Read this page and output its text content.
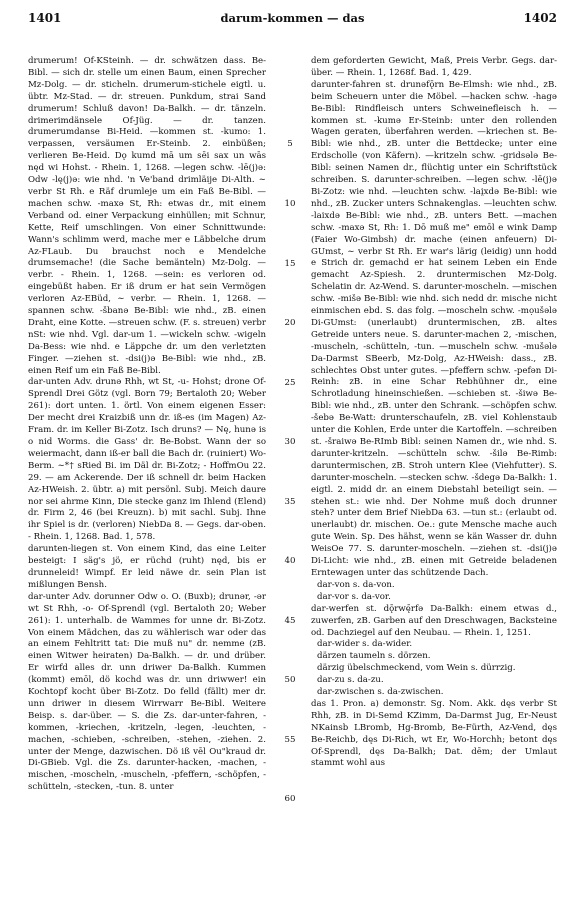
1401	darum-kommen — das	1402

drumerum! Of-KSteinh. — dr. schwätzen dass. Be-Bibl. — sich dr. stelle um einen Baum, einen Sprecher Mz-Dolg. — dr. sticheln. drumerum-stichele eigtl. u. übtr. Mz-Stad. — dr. streuen. Punkdum, strai Sand drumerum! Schluß davon! Da-Balkh. — dr. tänzeln. drimerimdänsele Of-Jüg. — dr. tanzen. drumerumdanse Bi-Heid. —kommen st. -kumo: 1. verpassen, versäumen Er-Steinb. 2. einbüßen; verlieren Be-Heid. Dǫ kumd mā um sēi sax un wās nęd wi Hohst. - Rhein. 1, 1268. —legen schw. -lē(j)ǝ: Odw -lę(j)ǝ: wie nhd. 'n Ve'band drimläije Di-Alth. ∼ verbr St Rh. e Räf drumleje um ein Faß Be-Bibl. —machen schw. -maxǝ St, Rh: etwas dr., mit einem Verband od. einer Verpackung einhüllen; mit Schnur, Kette, Reif umschlingen. Von einer Schnittwunde: Wann's schlimm werd, mache mer e Läbbelche drum Az-FLaub. Du brauchst noch e Mendelche drumsemache! (die Sache bemänteln) Mz-Dolg. — verbr. - Rhein. 1, 1268. —sein: es verloren od. eingebüßt haben. Er iß drum er hat sein Vermögen verloren Az-EBüd, ∼ verbr. — Rhein. 1, 1268. —spannen schw. -šbanǝ Be-Bibl: wie nhd., zB. einen Draht, eine Kotte. —streuen schw. (F. s. streuen) verbr nSt: wie nhd. Vgl. dar-um 1. —wickeln schw. -wigeln Da-Bess: wie nhd. e Läppche dr. um den verletzten Finger. —ziehen st. -dsi(j)ǝ Be-Bibl: wie nhd., zB. einen Reif um ein Faß Be-Bibl.

dar-unten Adv. drunǝ Rhh, wt St, -u- Hohst; drone Of-Sprendl Drei Götz (vgl. Born 79; Bertaloth 20; Weber 261): dort unten. 1. örtl. Von einem eigenen Esser: Der mecht drei Kraizbiß unn dr. iß-es (im Magen) Az-Fram. dr. im Keller Bi-Zotz. Isch druns? — Nę, hunǝ is o nid Worms. die Gass' dr. Be-Bobst. Wann der so weiermacht, dann iß-er ball die Bach dr. (ruiniert) Wo-Berm. ∼*† sRied Bi. im Däl dr. Bi-Zotz; - HoffmOu 22. 29. — am Ackerende. Der iß schnell dr. beim Hacken Az-HWeish. 2. übtr. a) mit persönl. Subj. Meich daure nor sei ahrme Kinn, Die stecke ganz im Ihlend (Elend) dr. Firm 2, 46 (bei Kreuzn). b) mit sachl. Subj. Ihne ihr Spiel is dr. (verloren) NiebDa 8. — Gegs. dar-oben. - Rhein. 1, 1268. Bad. 1, 578.

darunten-liegen st. Von einem Kind, das eine Leiter besteigt: I säg's jö, er rüchd (ruht) nęd, bis er drunneleid! Wimpf. Er leid näwe dr. sein Plan ist mißlungen Bensh.

dar-unter Adv. dorunner Odw o. O. (Buxb); drunǝr, -ǝr wt St Rhh, -o- Of-Sprendl (vgl. Bertaloth 20; Weber 261): 1. unterhalb. de Wammes for unne dr. Bi-Zotz. Von einem Mädchen, das zu wählerisch war oder das an einem Fehltritt tat: Die muß nu" dr. nemme (zB. einen Witwer heiraten) Da-Balkh. — dr. und drüber. Er wirfd alles dr. unn driwer Da-Balkh. Kummen (kommt) emōl, dö kochd was dr. unn driwwer! ein Kochtopf kocht über Bi-Zotz. Do felld (fällt) mer dr. unn driwer in diesem Wirrwarr Be-Bibl. Weitere Beisp. s. dar-über. — S. die Zs. dar-unter-fahren, -kommen, -kriechen, -kritzeln, -legen, -leuchten, -machen, -schieben, -schreiben, -stehen, -ziehen. 2. unter der Menge, dazwischen. Dö iß vēl Ou"kraud dr. Di-GBieb. Vgl. die Zs. darunter-hacken, -machen, -mischen, -moscheln, -muscheln, -pfeffern, -schöpfen, -schütteln, -stecken, -tun. 8. unter

5
10
15
20
25
30
35
40
45
50
55
60

dem geforderten Gewicht, Maß, Preis Verbr. Gegs. dar-über. — Rhein. 1, 1268f. Bad. 1, 429.

darunter-fahren st. drunǝfǭrn Be-Elmsh: wie nhd., zB. beim Scheuern unter die Möbel. —hacken schw. -hagǝ Be-Bibl: Rindfleisch unters Schweinefleisch h. —kommen st. -kumǝ Er-Steinb: unter den rollenden Wagen geraten, überfahren werden. —kriechen st. Be-Bibl: wie nhd., zB. unter die Bettdecke; unter eine Erdscholle (von Käfern). —kritzeln schw. -gridsǝlǝ Be-Bibl: seinen Namen dr., flüchtig unter ein Schriftstück schreiben. S. darunter-schreiben. —legen schw. -lē(j)ǝ Bi-Zotz: wie nhd. —leuchten schw. -lai̯xdǝ Be-Bibl: wie nhd., zB. Zucker unters Schnakenglas. —leuchten schw. -laixdǝ Be-Bibl: wie nhd., zB. unters Bett. —machen schw. -maxǝ St, Rh: 1. Dō muß me" emōl e wink Damp (Faier Wo-Gimbsh) dr. mache (einen anfeuern) Di-GUmst, ∼ verbr St Rh. Er war's lärig (leidig) unn hodd e Strich dr. gemachd er hat seinem Leben ein Ende gemacht Az-Spiesh. 2. druntermischen Mz-Dolg. Schelatin dr. Az-Wend. S. darunter-moscheln. —mischen schw. -mišǝ Be-Bibl: wie nhd. sich nedd dr. mische nicht einmischen ebd. S. das folg. —moscheln schw. -mọušǝlǝ Di-GUmst: (unerlaubt) druntermischen, zB. altes Getreide unters neue. S. darunter-machen 2, -mischen, -muscheln, -schütteln, -tun. —muscheln schw. -mušǝlǝ Da-Darmst SBeerb, Mz-Dolg, Az-HWeish: dass., zB. schlechtes Obst unter gutes. —pfeffern schw. -pefǝn Di-Reinh: zB. in eine Schar Rebhühner dr., eine Schrotladung hineinschießen. —schieben st. -šiwǝ Be-Bibl: wie nhd., zB. unter den Schrank. —schöpfen schw. -šebǝ Be-Watt: drunterschaufeln, zB. viel Kohlenstaub unter die Kohlen, Erde unter die Kartoffeln. —schreiben st. -šraiwǝ Be-RImb Bibl: seinen Namen dr., wie nhd. S. darunter-kritzeln. —schütteln schw. -šilǝ Be-Rimb: daruntermischen, zB. Stroh untern Klee (Viehfutter). S. darunter-moscheln. —stecken schw. -šdegǝ Da-Balkh: 1. eigtl. 2. midd dr. an einem Diebstahl beteiligt sein. —stehen st.: wie nhd. Der Nohme muß doch drunner steh? unter dem Brief NiebDa 63. —tun st.: (erlaubt od. unerlaubt) dr. mischen. Oe.: gute Mensche mache auch gute Wein. Sp. Des hähst, wenn se kän Wasser dr. duhn WeisOe 77. S. darunter-moscheln. —ziehen st. -dsi(j)ǝ Di-Licht: wie nhd., zB. einen mit Getreide beladenen Erntewagen unter das schützende Dach.

dar-von s. da-von.

dar-vor s. da-vor.

dar-werfen st. dǭrwę̄rfǝ Da-Balkh: einem etwas d., zuwerfen, zB. Garben auf den Dreschwagen, Backsteine od. Dachziegel auf den Neubau. — Rhein. 1, 1251.

dar-wider s. da-wider.

därzen taumeln s. dörzen.

därzig übelschmeckend, vom Wein s. dürrzig.

dar-zu s. da-zu.

dar-zwischen s. da-zwischen.

das 1. Pron. a) demonstr. Sg. Nom. Akk. dęs verbr St Rhh, zB. in Di-Semd KZimm, Da-Darmst Jug, Er-Neust NKainsb LBromb, Hg-Bromb, Be-Fürth, Az-Vend, dęs Be-Reichb, dęs Di-Rich, wt Er, Wo-Horchh; betont dęs Of-Sprendl, dęs Da-Balkh; Dat. dēm; der Umlaut stammt wohl aus
